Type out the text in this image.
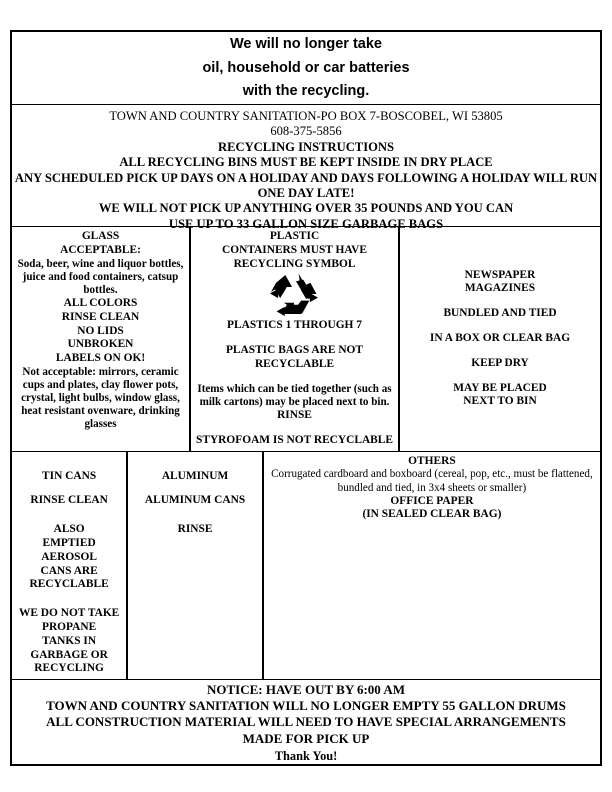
We will no longer take
oil, household or car batteries
with the recycling.
TOWN AND COUNTRY SANITATION-PO BOX 7-BOSCOBEL, WI 53805
608-375-5856
RECYCLING INSTRUCTIONS
ALL RECYCLING BINS MUST BE KEPT INSIDE IN DRY PLACE
ANY SCHEDULED PICK UP DAYS ON A HOLIDAY AND DAYS FOLLOWING A HOLIDAY WILL RUN
ONE DAY LATE!
WE WILL NOT PICK UP ANYTHING OVER 35 POUNDS AND YOU CAN
USE UP TO 33 GALLON SIZE GARBAGE BAGS

GLASS

ACCEPTABLE:

Soda, beer, wine and liquor bottles, juice and food containers, catsup bottles.

ALL COLORS

RINSE CLEAN

NO LIDS

UNBROKEN

LABELS ON OK!

Not acceptable: mirrors, ceramic cups and plates, clay flower pots, crystal, light bulbs, window glass, heat resistant ovenware, drinking glasses

PLASTIC

CONTAINERS MUST HAVE

RECYCLING SYMBOL

PLASTICS 1 THROUGH 7

PLASTIC BAGS ARE NOT

RECYCLABLE

Items which can be tied together (such as milk cartons) may be placed next to bin.

RINSE

STYROFOAM IS NOT RECYCLABLE

NEWSPAPER

MAGAZINES

BUNDLED AND TIED

IN A BOX OR CLEAR BAG

KEEP DRY

MAY BE PLACED

NEXT TO BIN

TIN CANS

RINSE CLEAN

ALSO

EMPTIED AEROSOL

CANS ARE

RECYCLABLE

WE DO NOT TAKE PROPANE

TANKS IN GARBAGE OR

RECYCLING

ALUMINUM

ALUMINUM CANS

RINSE

OTHERS

Corrugated cardboard and boxboard (cereal, pop, etc., must be flattened, bundled and tied, in 3x4 sheets or smaller)

OFFICE PAPER

(IN SEALED CLEAR BAG)

NOTICE: HAVE OUT BY 6:00 AM
TOWN AND COUNTRY SANITATION WILL NO LONGER EMPTY 55 GALLON DRUMS
ALL CONSTRUCTION MATERIAL WILL NEED TO HAVE SPECIAL ARRANGEMENTS
MADE FOR PICK UP
Thank You!
